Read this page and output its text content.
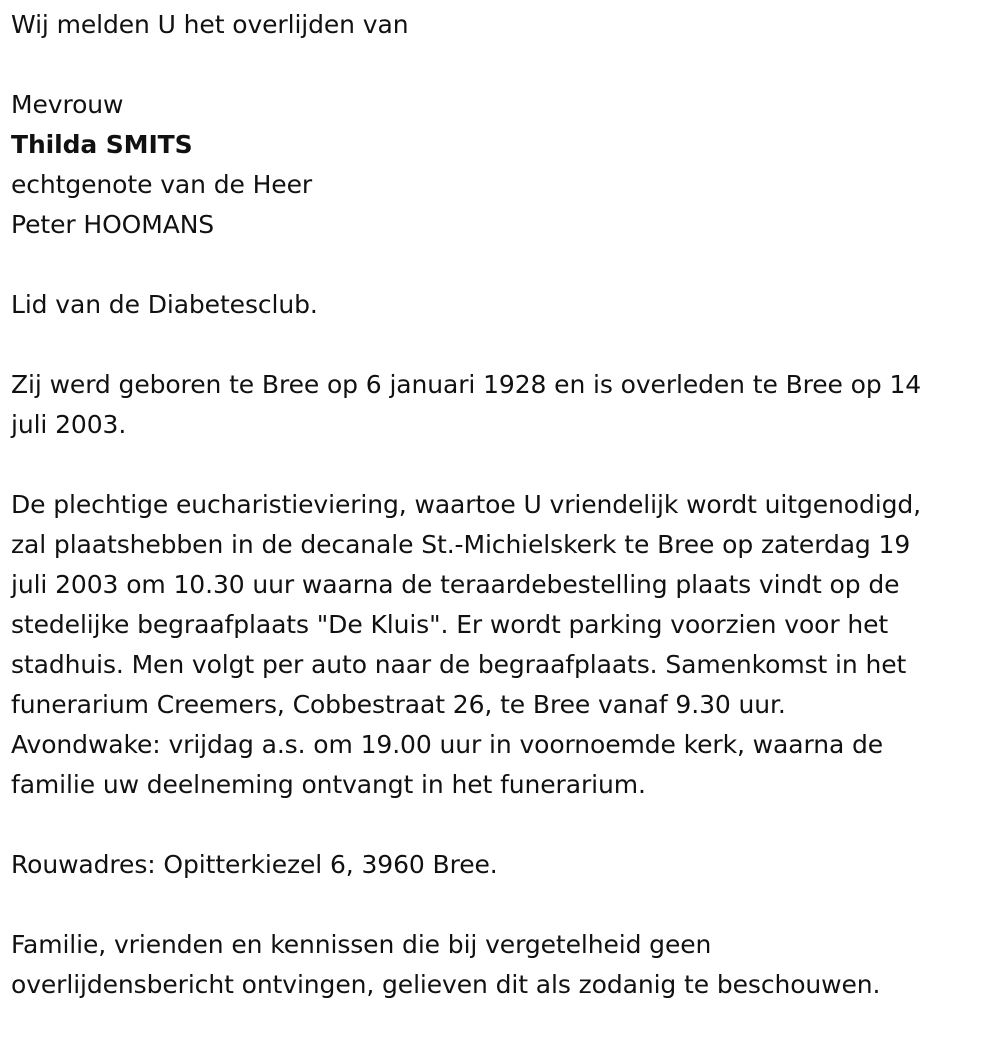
Wij melden U het overlijden van
Mevrouw
Thilda SMITS
echtgenote van de Heer
Peter HOOMANS
Lid van de Diabetesclub.
Zij werd geboren te Bree op 6 januari 1928 en is overleden te Bree op 14
juli 2003.
De plechtige eucharistieviering, waartoe U vriendelijk wordt uitgenodigd,
zal plaatshebben in de decanale St.-Michielskerk te Bree op zaterdag 19
juli 2003 om 10.30 uur waarna de teraardebestelling plaats vindt op de
stedelijke begraafplaats "De Kluis". Er wordt parking voorzien voor het
stadhuis. Men volgt per auto naar de begraafplaats. Samenkomst in het
funerarium Creemers, Cobbestraat 26, te Bree vanaf 9.30 uur.
Avondwake: vrijdag a.s. om 19.00 uur in voornoemde kerk, waarna de
familie uw deelneming ontvangt in het funerarium.
Rouwadres: Opitterkiezel 6, 3960 Bree.
Familie, vrienden en kennissen die bij vergetelheid geen
overlijdensbericht ontvingen, gelieven dit als zodanig te beschouwen.
